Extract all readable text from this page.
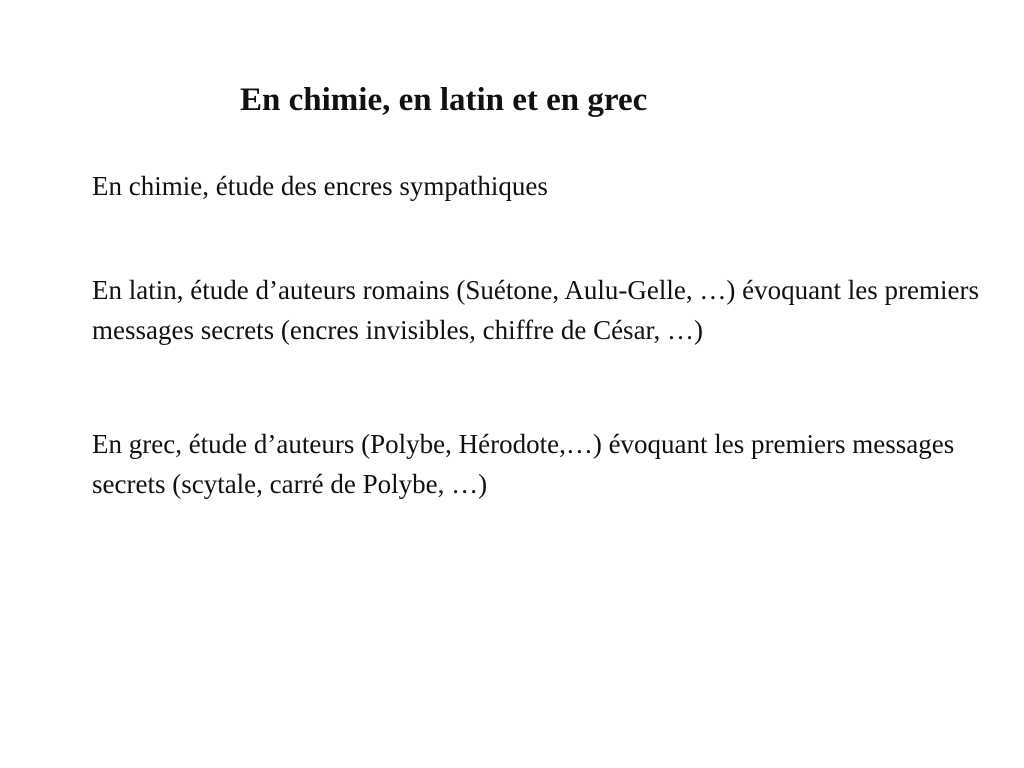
En chimie, en latin et en grec

En chimie, étude des encres sympathiques

En latin, étude d’auteurs romains (Suétone, Aulu-Gelle, …) évoquant les premiers messages secrets (encres invisibles, chiffre de César, …)

En grec, étude d’auteurs (Polybe, Hérodote,…) évoquant les premiers messages secrets (scytale, carré de Polybe, …)
